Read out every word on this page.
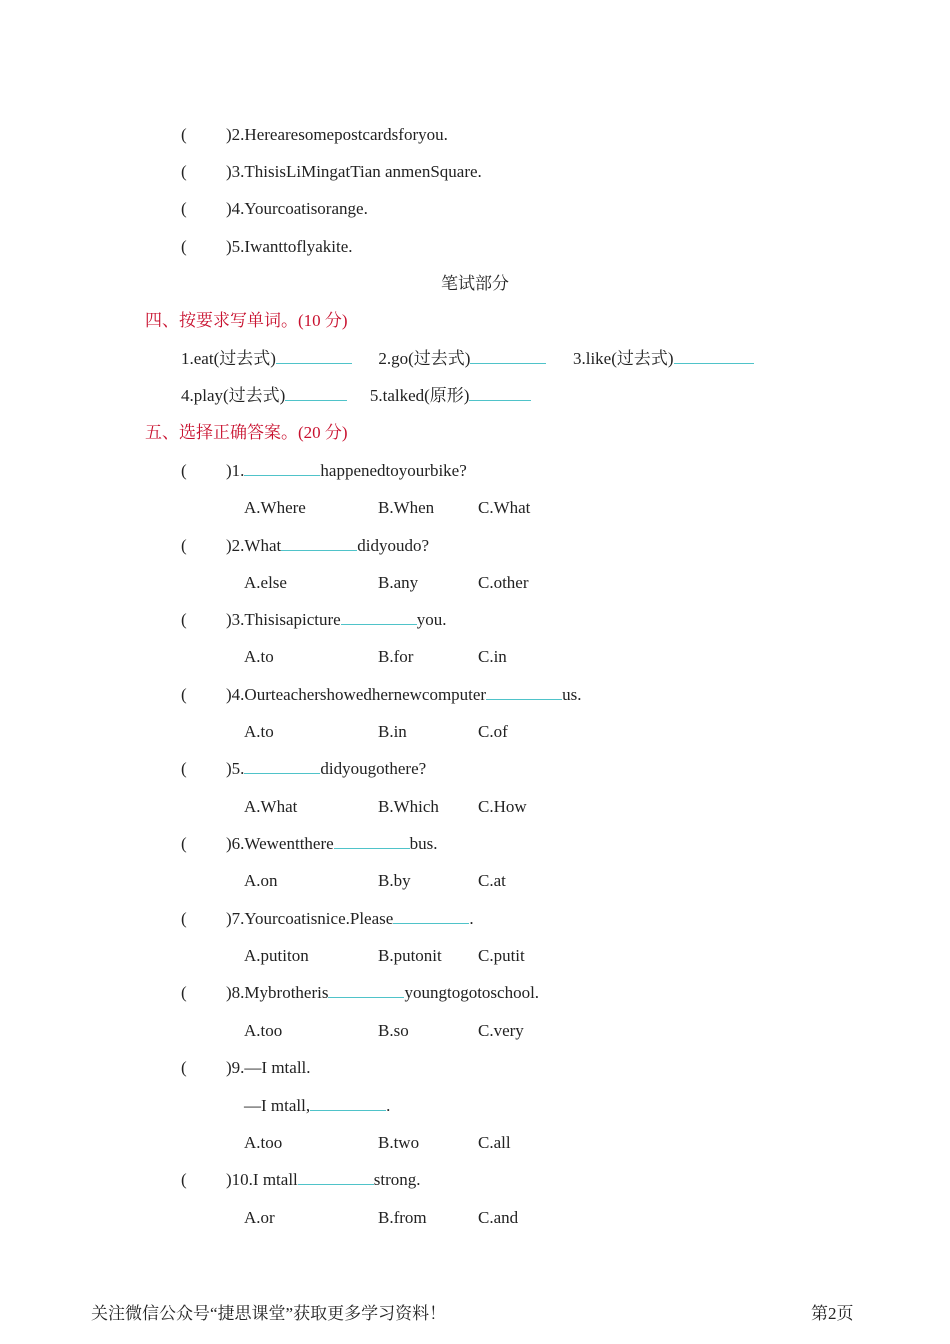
( )2.Herearesomepostcardsforyou.
( )3.ThisisLiMingatTian anmenSquare.
( )4.Yourcoatisorange.
( )5.Iwanttoflyakite.
笔试部分
四、按要求写单词。(10 分)
1.eat(过去式)	2.go(过去式)	3.like(过去式)
4.play(过去式)	5.talked(原形)
五、选择正确答案。(20 分)
( )1.	happenedtoyourbike?
A.Where	B.When	C.What
( )2.What	didyoudo?
A.else	B.any	C.other
( )3.Thisisapicture	you.
A.to	B.for	C.in
( )4.Ourteachershowedhernewcomputer	us.
A.to	B.in	C.of
( )5.	didyougothere?
A.What	B.Which C.How
( )6.Wewentthere	bus.
A.on	B.by	C.at
( )7.Yourcoatisnice.Please	.
A.putiton	B.putonit C.putit
( )8.Mybrotheris	youngtogotoschool.
A.too	B.so	C.very
( )9.—I mtall.
—I mtall,	.
A.too	B.two	C.all
( )10.I mtall	strong.
A.or	B.from	C.and
关注微信公众号“捷思课堂”获取更多学习资料！	第2页
